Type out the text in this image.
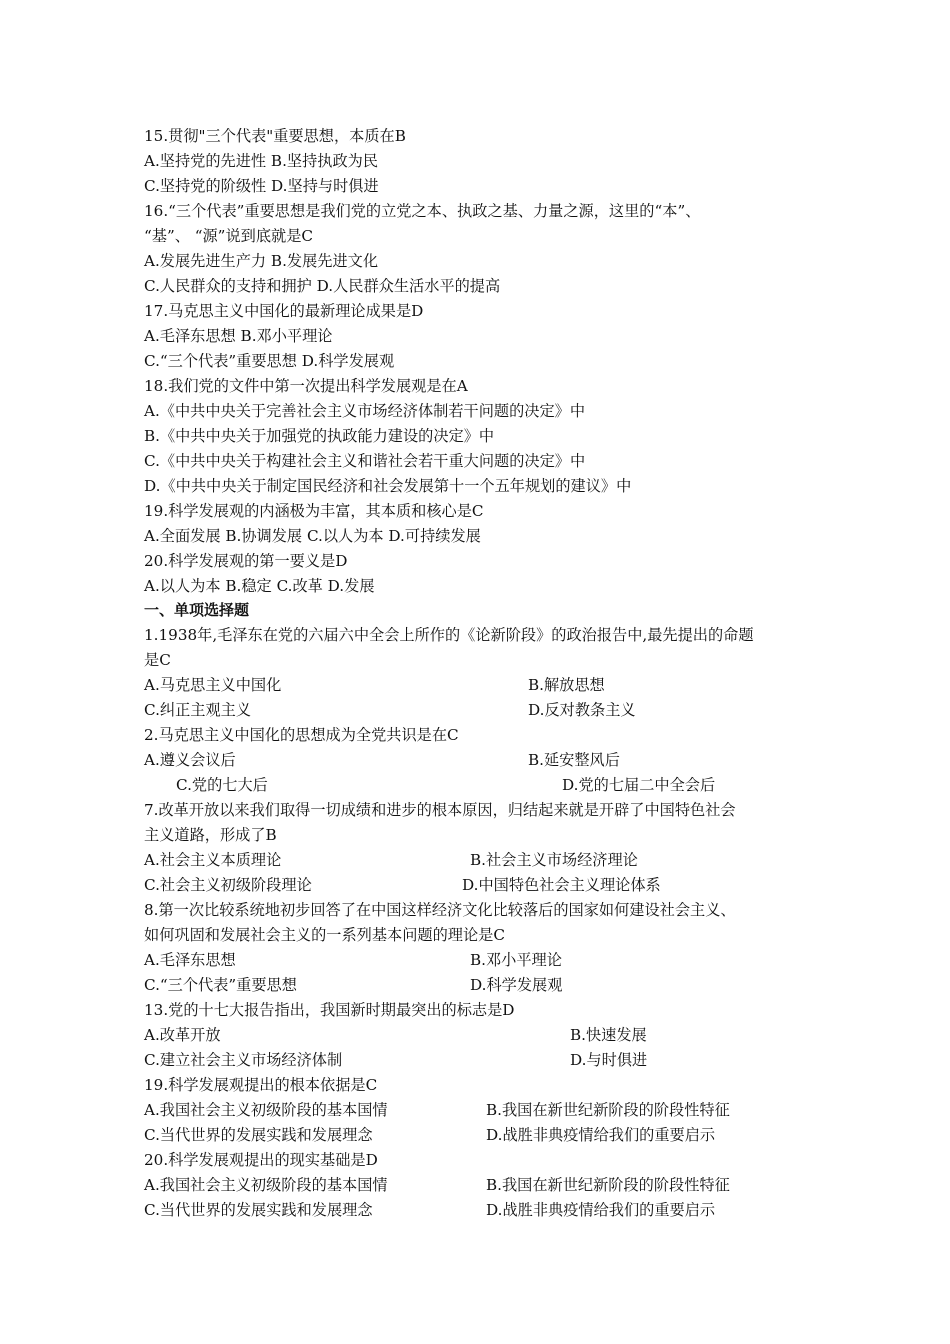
15.贯彻"三个代表"重要思想，本质在B
A.坚持党的先进性 B.坚持执政为民
C.坚持党的阶级性 D.坚持与时俱进
16.“三个代表”重要思想是我们党的立党之本、执政之基、力量之源，这里的“本”、
“基”、 “源”说到底就是C
A.发展先进生产力 B.发展先进文化
C.人民群众的支持和拥护 D.人民群众生活水平的提高
17.马克思主义中国化的最新理论成果是D
A.毛泽东思想 B.邓小平理论
C.“三个代表”重要思想 D.科学发展观
18.我们党的文件中第一次提出科学发展观是在A
A.《中共中央关于完善社会主义市场经济体制若干问题的决定》中
B.《中共中央关于加强党的执政能力建设的决定》中
C.《中共中央关于构建社会主义和谐社会若干重大问题的决定》中
D.《中共中央关于制定国民经济和社会发展第十一个五年规划的建议》中
19.科学发展观的内涵极为丰富，其本质和核心是C
A.全面发展 B.协调发展 C.以人为本 D.可持续发展
20.科学发展观的第一要义是D
A.以人为本 B.稳定 C.改革 D.发展
一、单项选择题
1.1938年,毛泽东在党的六届六中全会上所作的《论新阶段》的政治报告中,最先提出的命题
是C
A.马克思主义中国化	B.解放思想
C.纠正主观主义	D.反对教条主义
2.马克思主义中国化的思想成为全党共识是在C
A.遵义会议后	B.延安整风后
C.党的七大后	D.党的七届二中全会后
7.改革开放以来我们取得一切成绩和进步的根本原因，归结起来就是开辟了中国特色社会
主义道路，形成了B
A.社会主义本质理论	B.社会主义市场经济理论
C.社会主义初级阶段理论	D.中国特色社会主义理论体系
8.第一次比较系统地初步回答了在中国这样经济文化比较落后的国家如何建设社会主义、
如何巩固和发展社会主义的一系列基本问题的理论是C
A.毛泽东思想	B.邓小平理论
C.“三个代表”重要思想	D.科学发展观
13.党的十七大报告指出，我国新时期最突出的标志是D
A.改革开放	B.快速发展
C.建立社会主义市场经济体制	D.与时俱进
19.科学发展观提出的根本依据是C
A.我国社会主义初级阶段的基本国情	B.我国在新世纪新阶段的阶段性特征
C.当代世界的发展实践和发展理念	D.战胜非典疫情给我们的重要启示
20.科学发展观提出的现实基础是D
A.我国社会主义初级阶段的基本国情	B.我国在新世纪新阶段的阶段性特征
C.当代世界的发展实践和发展理念	D.战胜非典疫情给我们的重要启示
